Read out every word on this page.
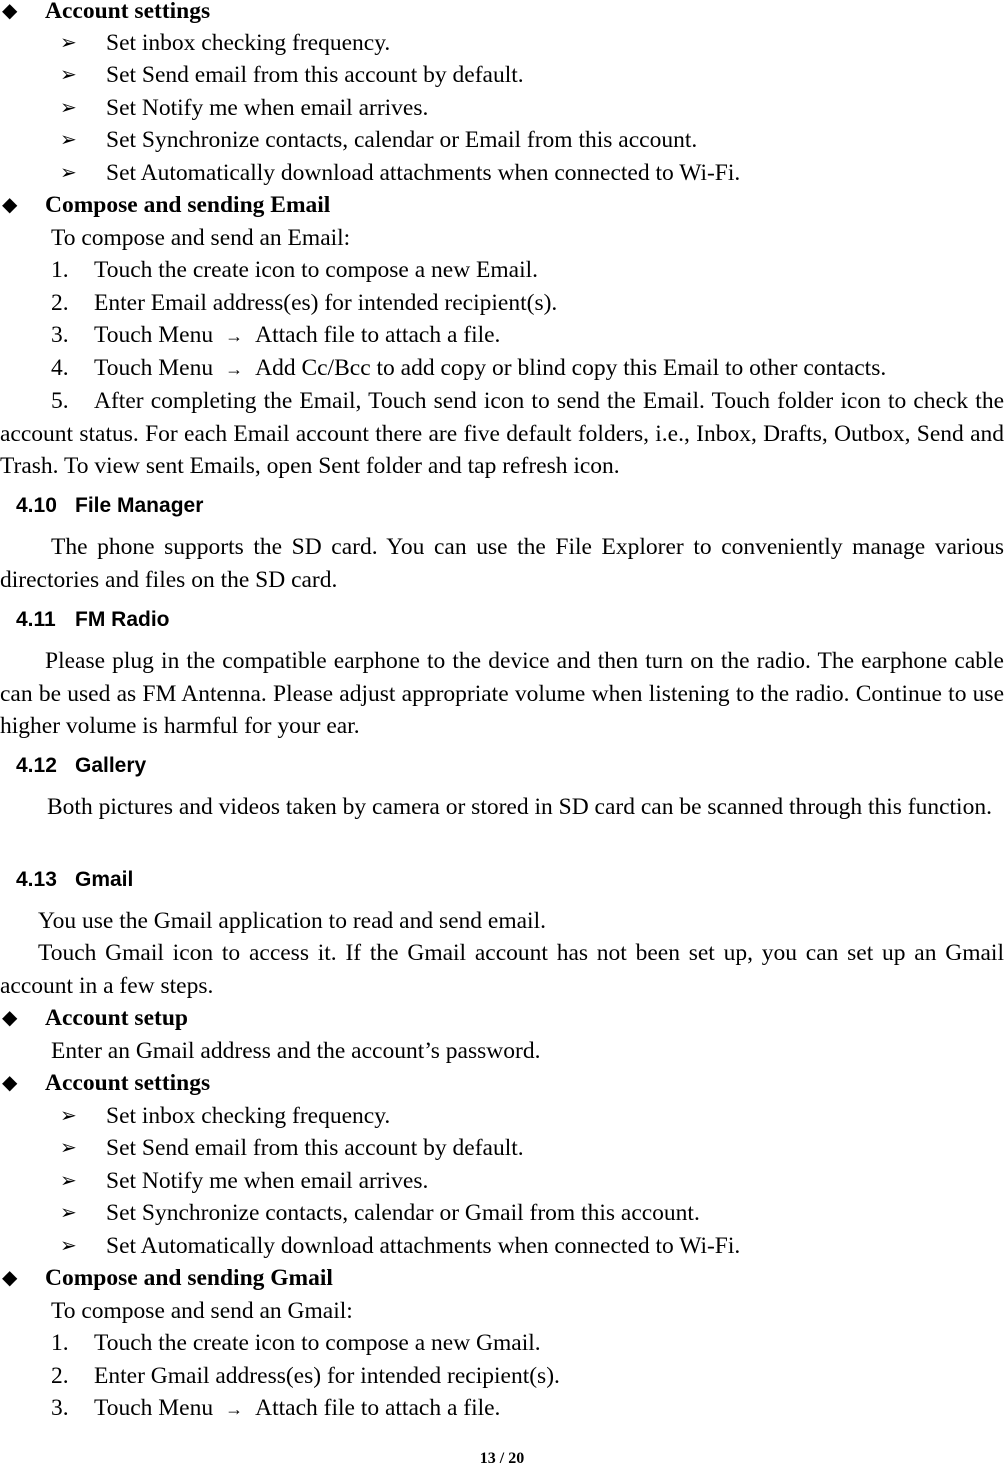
◆ Account settings
➢ Set inbox checking frequency.
➢ Set Send email from this account by default.
➢ Set Notify me when email arrives.
➢ Set Synchronize contacts, calendar or Email from this account.
➢ Set Automatically download attachments when connected to Wi-Fi.
◆ Compose and sending Email
To compose and send an Email:
1. Touch the create icon to compose a new Email.
2. Enter Email address(es) for intended recipient(s).
3. Touch Menu → Attach file to attach a file.
4. Touch Menu → Add Cc/Bcc to add copy or blind copy this Email to other contacts.
5.	After completing the Email, Touch send icon to send the Email. Touch folder icon to check the account status. For each Email account there are five default folders, i.e., Inbox, Drafts, Outbox, Send and Trash. To view sent Emails, open Sent folder and tap refresh icon.
4.10 File Manager
The phone supports the SD card. You can use the File Explorer to conveniently manage various directories and files on the SD card.
4.11 FM Radio
Please plug in the compatible earphone to the device and then turn on the radio. The earphone cable can be used as FM Antenna. Please adjust appropriate volume when listening to the radio. Continue to use higher volume is harmful for your ear.
4.12 Gallery
Both pictures and videos taken by camera or stored in SD card can be scanned through this function.
4.13 Gmail
You use the Gmail application to read and send email.
Touch Gmail icon to access it. If the Gmail account has not been set up, you can set up an Gmail account in a few steps.
◆ Account setup
Enter an Gmail address and the account’s password.
◆ Account settings
➢ Set inbox checking frequency.
➢ Set Send email from this account by default.
➢ Set Notify me when email arrives.
➢ Set Synchronize contacts, calendar or Gmail from this account.
➢ Set Automatically download attachments when connected to Wi-Fi.
◆ Compose and sending Gmail
To compose and send an Gmail:
1. Touch the create icon to compose a new Gmail.
2. Enter Gmail address(es) for intended recipient(s).
3. Touch Menu → Attach file to attach a file.
13 / 20
